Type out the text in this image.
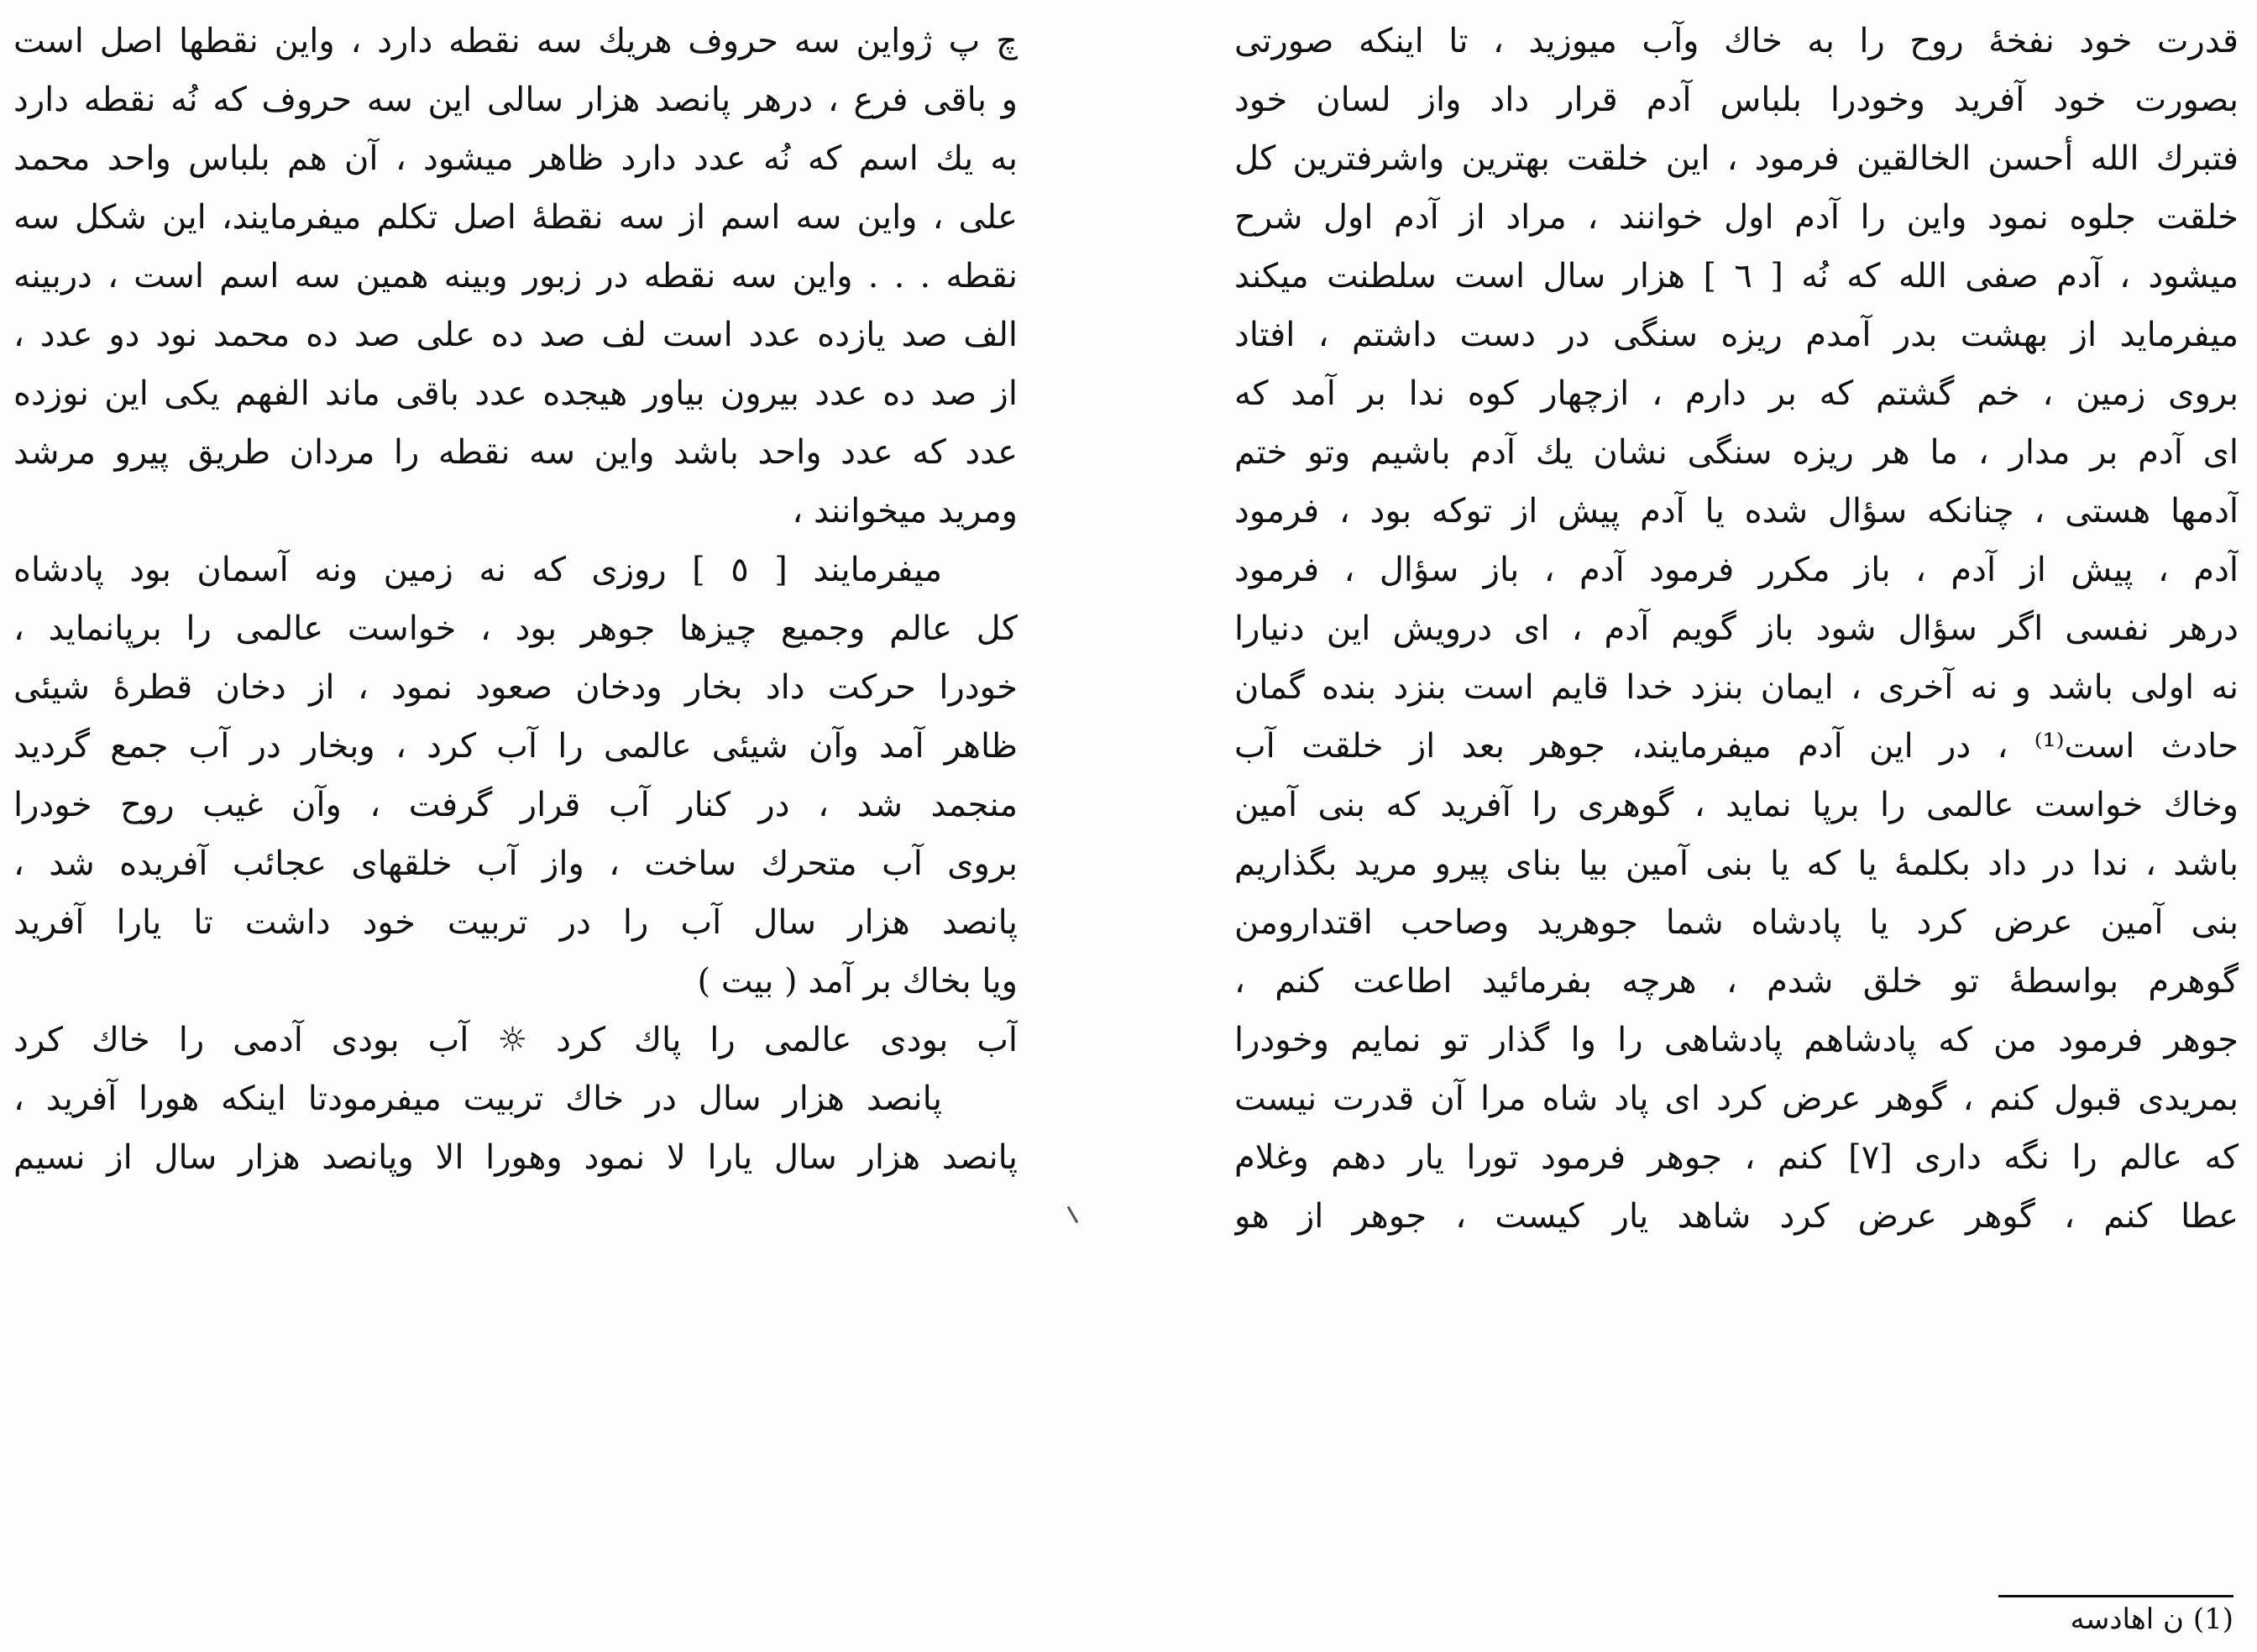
چ پ ژواین سه حروف هریك سه نقطه دارد ، واین نقطها اصل است
و باقی فرع ، درهر پانصد هزار سالی این سه حروف که نُه نقطه دارد
به یك اسم که نُه عدد دارد ظاهر میشود ، آن هم بلباس واحد محمد
علی ، واین سه اسم از سه نقطهٔ اصل تکلم میفرمایند، این شکل سه
نقطه . . . واین سه نقطه در زبور وبینه همین سه اسم است ، دربینه
الف صد یازده عدد است لف صد ده علی صد ده محمد نود دو عدد ،
از صد ده عدد بیرون بیاور هیجده عدد باقی ماند الفهم یکی این نوزده
عدد که عدد واحد باشد واین سه نقطه را مردان طریق پیرو مرشد
ومرید میخوانند ،
میفرمایند [ ٥ ] روزی که نه زمین ونه آسمان بود پادشاه
کل عالم وجمیع چیزها جوهر بود ، خواست عالمی را برپانماید ،
خودرا حرکت داد بخار ودخان صعود نمود ، از دخان قطرهٔ شیئی
ظاهر آمد وآن شیئی عالمی را آب کرد ، وبخار در آب جمع گردید
منجمد شد ، در کنار آب قرار گرفت ، وآن غیب روح خودرا
بروی آب متحرك ساخت ، واز آب خلقهای عجائب آفریده شد ،
پانصد هزار سال آب را در تربیت خود داشت تا یارا آفرید
ویا بخاك بر آمد ( بیت )
آب بودی عالمی را پاك کرد ☼ آب بودی آدمی را خاك کرد
پانصد هزار سال در خاك تربیت میفرمودتا اینکه هورا آفرید ،
پانصد هزار سال یارا لا نمود وهورا الا وپانصد هزار سال از نسیم
قدرت خود نفخهٔ روح را به خاك وآب میوزید ، تا اینکه صورتی
بصورت خود آفرید وخودرا بلباس آدم قرار داد واز لسان خود
فتبرك الله أحسن الخالقین فرمود ، این خلقت بهترین واشرفترین کل
خلقت جلوه نمود واین را آدم اول خوانند ، مراد از آدم اول شرح
میشود ، آدم صفی الله که نُه [ ٦ ] هزار سال است سلطنت میکند
میفرماید از بهشت بدر آمدم ریزه سنگی در دست داشتم ، افتاد
بروی زمین ، خم گشتم که بر دارم ، ازچهار کوه ندا بر آمد که
ای آدم بر مدار ، ما هر ریزه سنگی نشان یك آدم باشیم وتو ختم
آدمها هستی ، چنانکه سؤال شده یا آدم پیش از توکه بود ، فرمود
آدم ، پیش از آدم ، باز مکرر فرمود آدم ، باز سؤال ، فرمود
درهر نفسی اگر سؤال شود باز گویم آدم ، ای درویش این دنیارا
نه اولی باشد و نه آخری ، ایمان بنزد خدا قایم است بنزد بنده گمان
حادث است⁽¹⁾ ، در این آدم میفرمایند، جوهر بعد از خلقت آب
وخاك خواست عالمی را برپا نماید ، گوهری را آفرید که بنی آمین
باشد ، ندا در داد بکلمهٔ یا که یا بنی آمین بیا بنای پیرو مرید بگذاریم
بنی آمین عرض کرد یا پادشاه شما جوهرید وصاحب اقتدارومن
گوهرم بواسطهٔ تو خلق شدم ، هرچه بفرمائید اطاعت کنم ،
جوهر فرمود من که پادشاهم پادشاهی را وا گذار تو نمایم وخودرا
بمریدی قبول کنم ، گوهر عرض کرد ای پاد شاه مرا آن قدرت نیست
که عالم را نگه داری [٧] کنم ، جوهر فرمود تورا یار دهم وغلام
عطا کنم ، گوهر عرض کرد شاهد یار کیست ، جوهر از هو
(1) ن اهادسه
